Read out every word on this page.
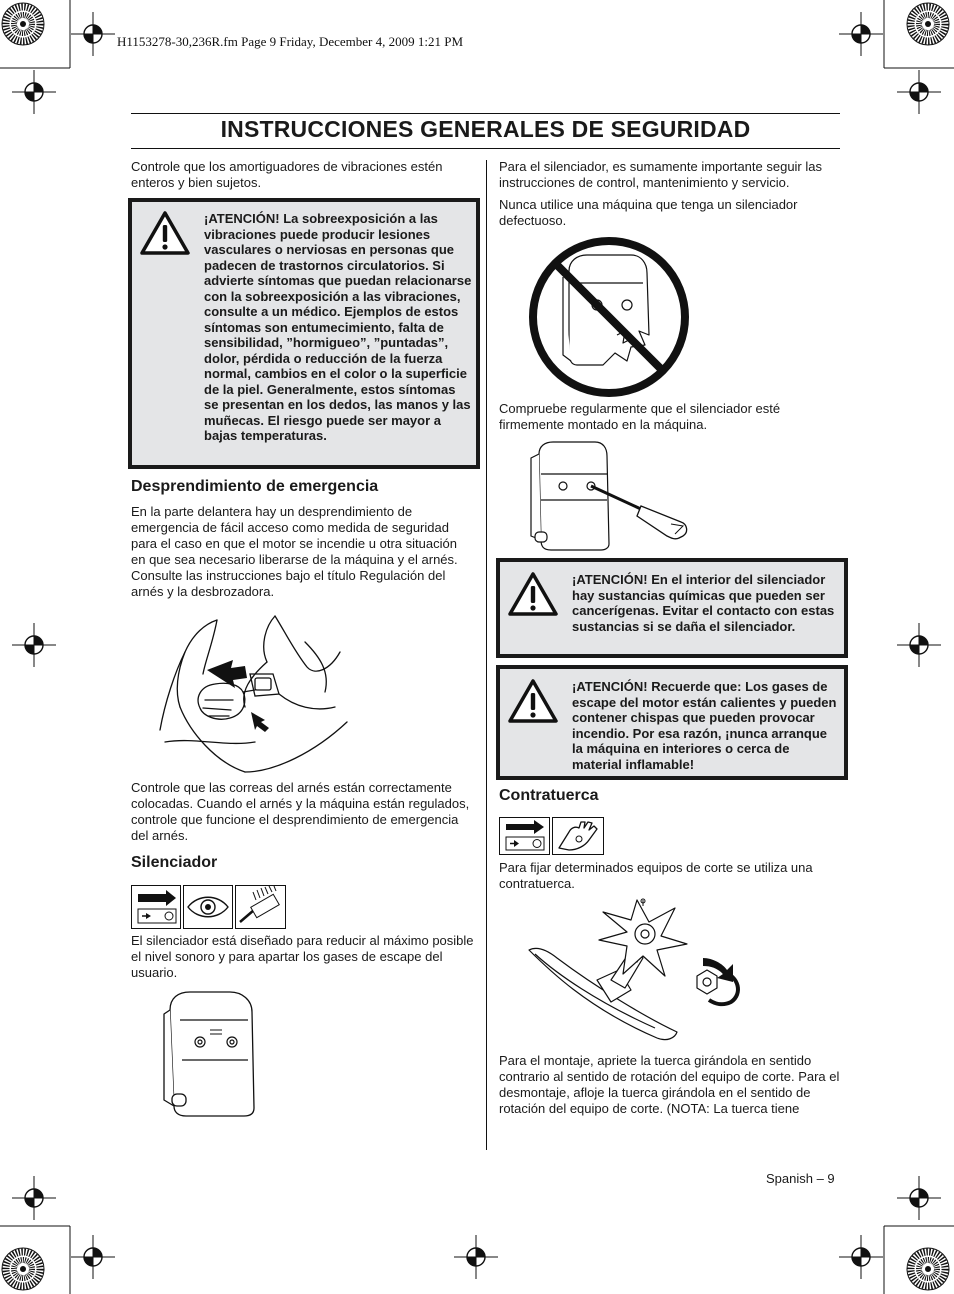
H1153278-30,236R.fm Page 9 Friday, December 4, 2009 1:21 PM
INSTRUCCIONES GENERALES DE SEGURIDAD

Controle que los amortiguadores de vibraciones estén enteros y bien sujetos.

¡ATENCIÓN! La sobreexposición a las vibraciones puede producir lesiones vasculares o nerviosas en personas que padecen de trastornos circulatorios. Si advierte síntomas que puedan relacionarse con la sobreexposición a las vibraciones, consulte a un médico. Ejemplos de estos síntomas son entumecimiento, falta de sensibilidad, ”hormigueo”, ”puntadas”, dolor, pérdida o reducción de la fuerza normal, cambios en el color o la superficie de la piel. Generalmente, estos síntomas se presentan en los dedos, las manos y las muñecas. El riesgo puede ser mayor a bajas temperaturas.
Desprendimiento de emergencia

En la parte delantera hay un desprendimiento de emergencia de fácil acceso como medida de seguridad para el caso en que el motor se incendie u otra situación en que sea necesario liberarse de la máquina y el arnés. Consulte las instrucciones bajo el título Regulación del arnés y la desbrozadora.

Controle que las correas del arnés están correctamente colocadas. Cuando el arnés y la máquina están regulados, controle que funcione el desprendimiento de emergencia del arnés.

Silenciador

El silenciador está diseñado para reducir al máximo posible el nivel sonoro y para apartar los gases de escape del usuario.

Para el silenciador, es sumamente importante seguir las instrucciones de control, mantenimiento y servicio.

Nunca utilice una máquina que tenga un silenciador defectuoso.

Compruebe regularmente que el silenciador esté firmemente montado en la máquina.

¡ATENCIÓN! En el interior del silenciador hay sustancias químicas que pueden ser cancerígenas. Evitar el contacto con estas sustancias si se daña el silenciador.
¡ATENCIÓN! Recuerde que: Los gases de escape del motor están calientes y pueden contener chispas que pueden provocar incendio. Por esa razón, ¡nunca arranque la máquina en interiores o cerca de material inflamable!
Contratuerca

Para fijar determinados equipos de corte se utiliza una contratuerca.

Para el montaje, apriete la tuerca girándola en sentido contrario al sentido de rotación del equipo de corte. Para el desmontaje, afloje la tuerca girándola en el sentido de rotación del equipo de corte. (NOTA: La tuerca tiene

Spanish – 9
